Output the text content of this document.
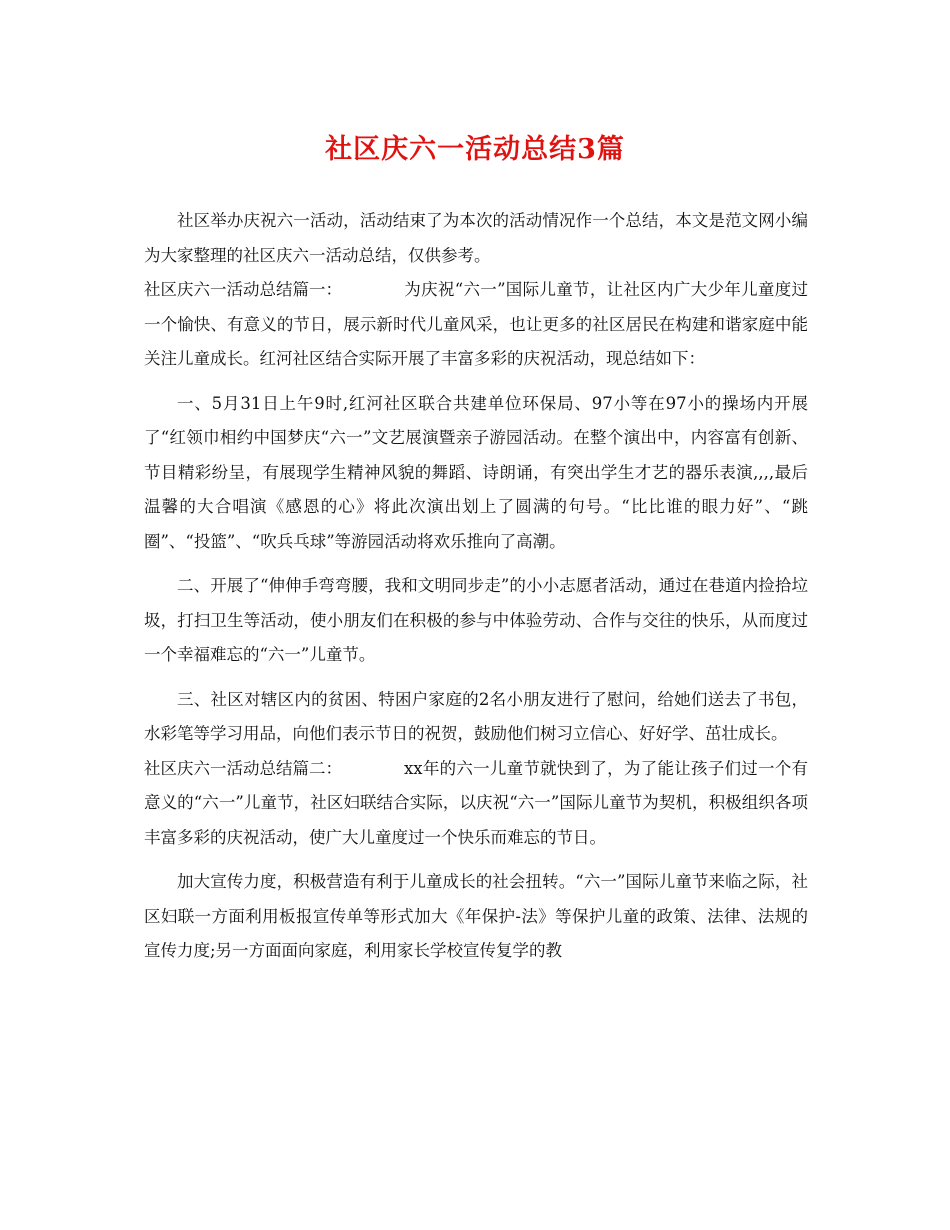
社区庆六一活动总结3篇

社区举办庆祝六一活动，活动结束了为本次的活动情况作一个总结，本文是范文网小编为大家整理的社区庆六一活动总结，仅供参考。

社区庆六一活动总结篇一：	为庆祝“六一”国际儿童节，让社区内广大少年儿童度过一个愉快、有意义的节日，展示新时代儿童风采，也让更多的社区居民在构建和谐家庭中能关注儿童成长。红河社区结合实际开展了丰富多彩的庆祝活动，现总结如下：

一、5月31日上午9时,红河社区联合共建单位环保局、97小等在97小的操场内开展了“红领巾相约中国梦庆“六一”文艺展演暨亲子游园活动。在整个演出中，内容富有创新、节目精彩纷呈，有展现学生精神风貌的舞蹈、诗朗诵，有突出学生才艺的器乐表演,,,,最后温馨的大合唱演《感恩的心》将此次演出划上了圆满的句号。“比比谁的眼力好”、“跳圈”、“投篮”、“吹兵乓球”等游园活动将欢乐推向了高潮。

二、开展了“伸伸手弯弯腰，我和文明同步走”的小小志愿者活动，通过在巷道内捡拾垃圾，打扫卫生等活动，使小朋友们在积极的参与中体验劳动、合作与交往的快乐，从而度过一个幸福难忘的“六一”儿童节。

三、社区对辖区内的贫困、特困户家庭的2名小朋友进行了慰问，给她们送去了书包，水彩笔等学习用品，向他们表示节日的祝贺，鼓励他们树习立信心、好好学、茁壮成长。

社区庆六一活动总结篇二：	xx年的六一儿童节就快到了，为了能让孩子们过一个有意义的“六一”儿童节，社区妇联结合实际，以庆祝“六一”国际儿童节为契机，积极组织各项丰富多彩的庆祝活动，使广大儿童度过一个快乐而难忘的节日。

加大宣传力度，积极营造有利于儿童成长的社会扭转。“六一”国际儿童节来临之际，社区妇联一方面利用板报宣传单等形式加大《年保护-法》等保护儿童的政策、法律、法规的宣传力度;另一方面面向家庭，利用家长学校宣传复学的教
